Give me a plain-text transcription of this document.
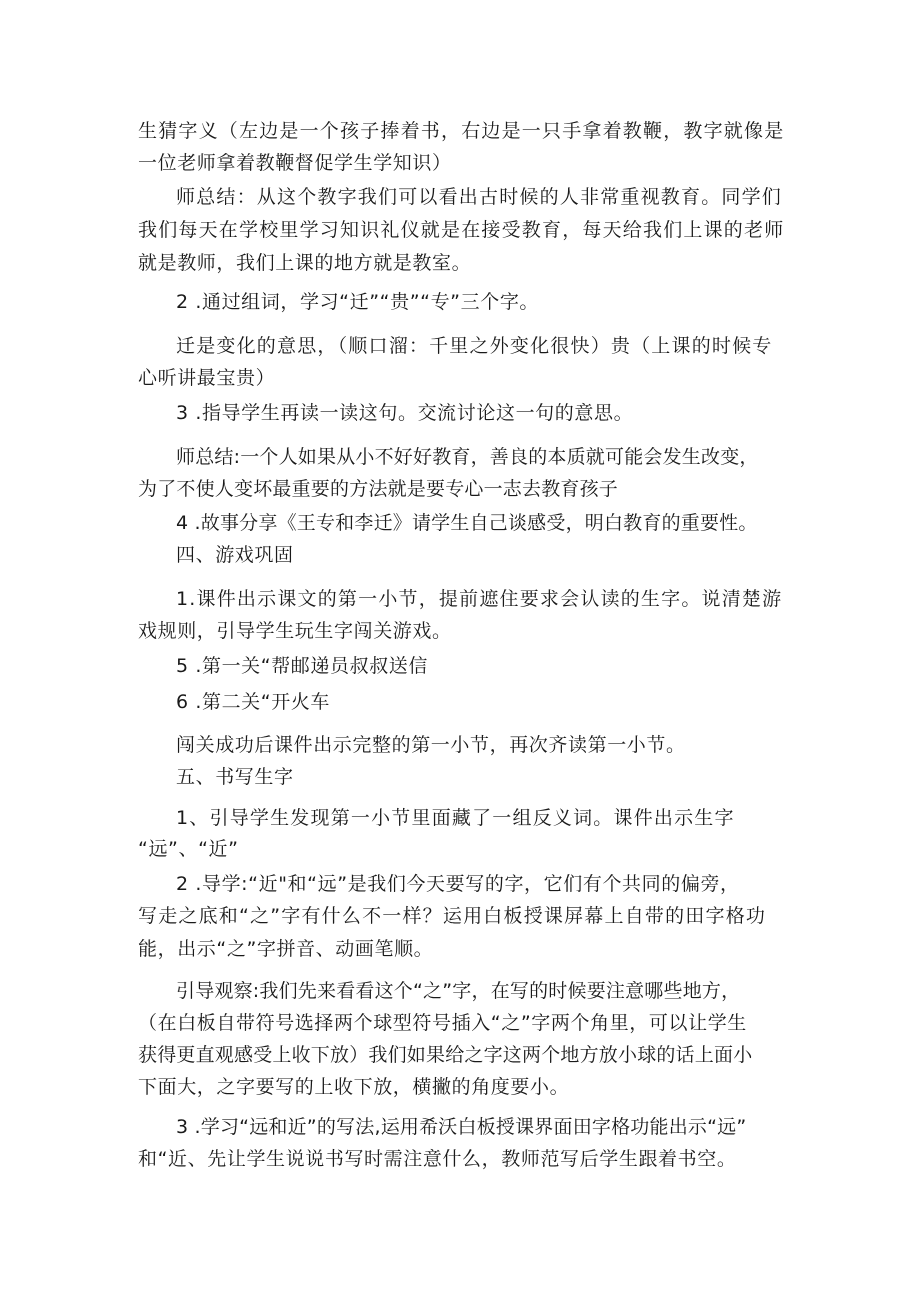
生猜字义（左边是一个孩子捧着书，右边是一只手拿着教鞭，教字就像是
一位老师拿着教鞭督促学生学知识）
师总结：从这个教字我们可以看出古时候的人非常重视教育。同学们
我们每天在学校里学习知识礼仪就是在接受教育，每天给我们上课的老师
就是教师，我们上课的地方就是教室。
2 .通过组词，学习“迁”“贵”“专”三个字。
迁是变化的意思，（顺口溜：千里之外变化很快）贵（上课的时候专
心听讲最宝贵）
3 .指导学生再读一读这句。交流讨论这一句的意思。
师总结:一个人如果从小不好好教育，善良的本质就可能会发生改变，
为了不使人变坏最重要的方法就是要专心一志去教育孩子
4 .故事分享《王专和李迁》请学生自己谈感受，明白教育的重要性。
四、游戏巩固
1.课件出示课文的第一小节，提前遮住要求会认读的生字。说清楚游
戏规则，引导学生玩生字闯关游戏。
5 .第一关“帮邮递员叔叔送信
6 .第二关“开火车
闯关成功后课件出示完整的第一小节，再次齐读第一小节。
五、书写生字
1、引导学生发现第一小节里面藏了一组反义词。课件出示生字
“远”、“近”
2 .导学:“近"和“远”是我们今天要写的字，它们有个共同的偏旁，
写走之底和“之”字有什么不一样？运用白板授课屏幕上自带的田字格功
能，出示“之”字拼音、动画笔顺。
引导观察:我们先来看看这个“之”字，在写的时候要注意哪些地方，
（在白板自带符号选择两个球型符号插入“之”字两个角里，可以让学生
获得更直观感受上收下放）我们如果给之字这两个地方放小球的话上面小
下面大，之字要写的上收下放，横撇的角度要小。
3 .学习“远和近”的写法,运用希沃白板授课界面田字格功能出示“远”
和“近、先让学生说说书写时需注意什么，教师范写后学生跟着书空。
